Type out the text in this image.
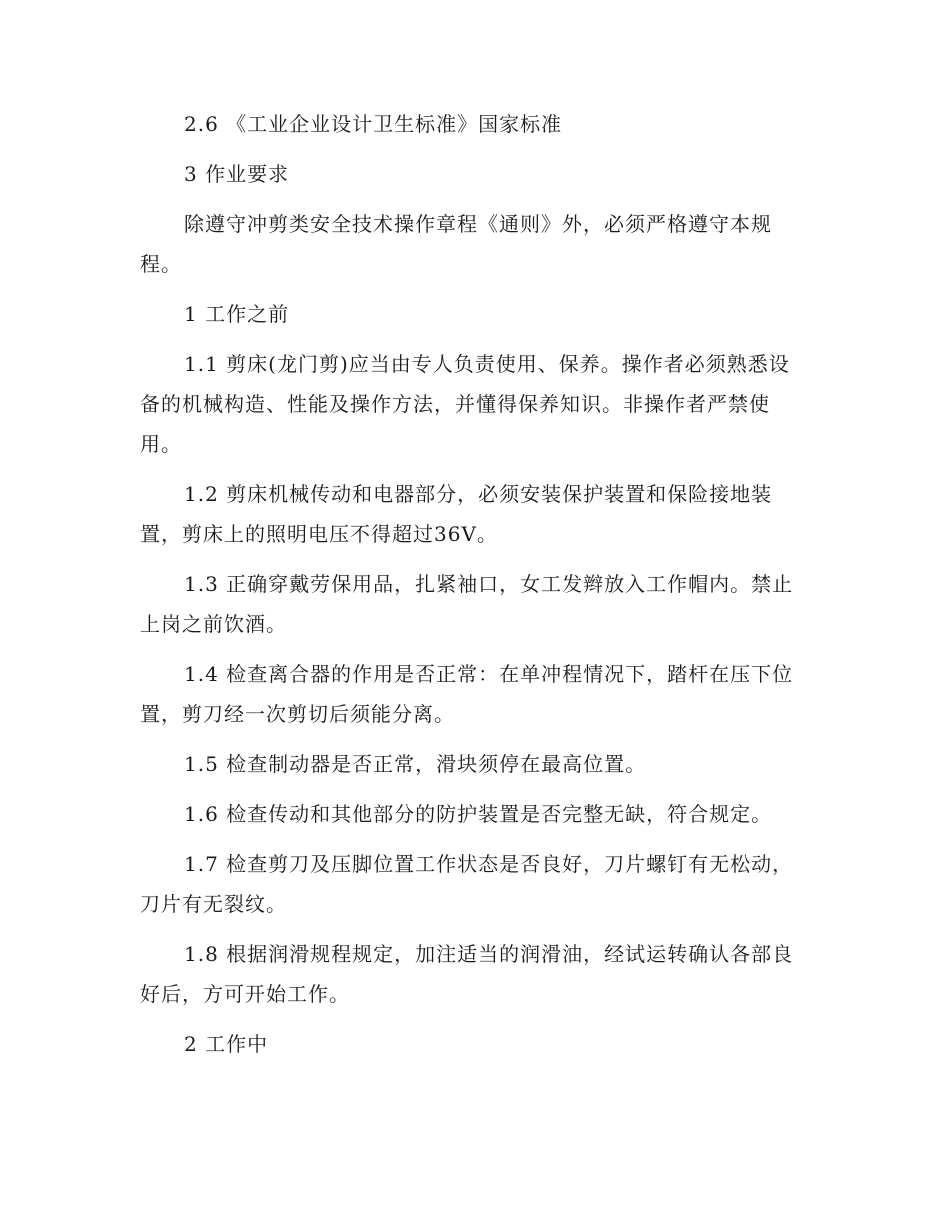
2.6 《工业企业设计卫生标准》国家标准

3 作业要求

除遵守冲剪类安全技术操作章程《通则》外，必须严格遵守本规程。

1 工作之前

1.1 剪床(龙门剪)应当由专人负责使用、保养。操作者必须熟悉设备的机械构造、性能及操作方法，并懂得保养知识。非操作者严禁使用。

1.2 剪床机械传动和电器部分，必须安装保护装置和保险接地装置，剪床上的照明电压不得超过36V。

1.3 正确穿戴劳保用品，扎紧袖口，女工发辫放入工作帽内。禁止上岗之前饮酒。

1.4 检查离合器的作用是否正常：在单冲程情况下，踏杆在压下位置，剪刀经一次剪切后须能分离。

1.5 检查制动器是否正常，滑块须停在最高位置。

1.6 检查传动和其他部分的防护装置是否完整无缺，符合规定。

1.7 检查剪刀及压脚位置工作状态是否良好，刀片螺钉有无松动，刀片有无裂纹。

1.8 根据润滑规程规定，加注适当的润滑油，经试运转确认各部良好后，方可开始工作。

2 工作中
